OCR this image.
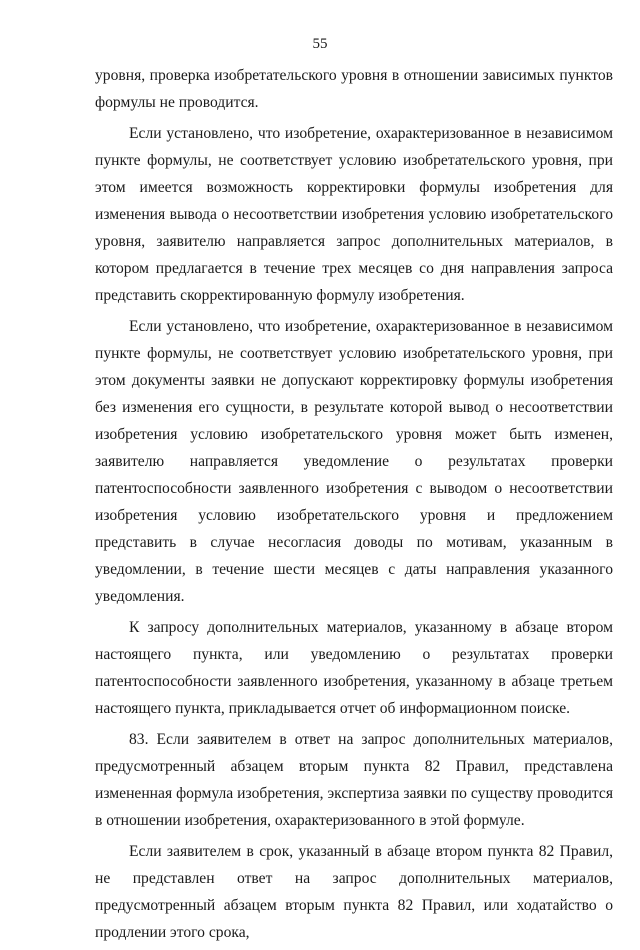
55

уровня, проверка изобретательского уровня в отношении зависимых пунктов формулы не проводится.

Если установлено, что изобретение, охарактеризованное в независимом пункте формулы, не соответствует условию изобретательского уровня, при этом имеется возможность корректировки формулы изобретения для изменения вывода о несоответствии изобретения условию изобретательского уровня, заявителю направляется запрос дополнительных материалов, в котором предлагается в течение трех месяцев со дня направления запроса представить скорректированную формулу изобретения.

Если установлено, что изобретение, охарактеризованное в независимом пункте формулы, не соответствует условию изобретательского уровня, при этом документы заявки не допускают корректировку формулы изобретения без изменения его сущности, в результате которой вывод о несоответствии изобретения условию изобретательского уровня может быть изменен, заявителю направляется уведомление о результатах проверки патентоспособности заявленного изобретения с выводом о несоответствии изобретения условию изобретательского уровня и предложением представить в случае несогласия доводы по мотивам, указанным в уведомлении, в течение шести месяцев с даты направления указанного уведомления.

К запросу дополнительных материалов, указанному в абзаце втором настоящего пункта, или уведомлению о результатах проверки патентоспособности заявленного изобретения, указанному в абзаце третьем настоящего пункта, прикладывается отчет об информационном поиске.

83. Если заявителем в ответ на запрос дополнительных материалов, предусмотренный абзацем вторым пункта 82 Правил, представлена измененная формула изобретения, экспертиза заявки по существу проводится в отношении изобретения, охарактеризованного в этой формуле.

Если заявителем в срок, указанный в абзаце втором пункта 82 Правил, не представлен ответ на запрос дополнительных материалов, предусмотренный абзацем вторым пункта 82 Правил, или ходатайство о продлении этого срока,
